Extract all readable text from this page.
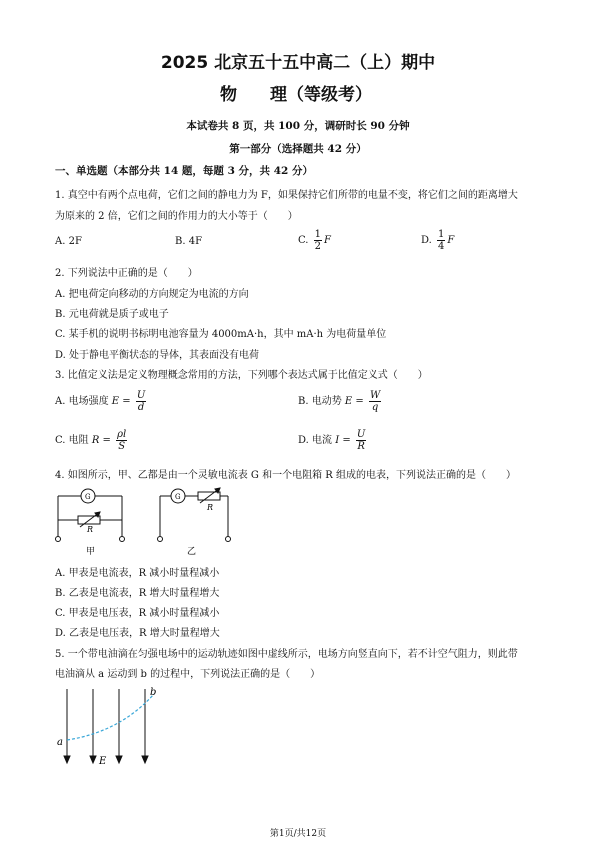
2025 北京五十五中高二（上）期中
物 理（等级考）
本试卷共 8 页，共 100 分，调研时长 90 分钟
第一部分（选择题共 42 分）
一、单选题（本部分共 14 题，每题 3 分，共 42 分）
1. 真空中有两个点电荷，它们之间的静电力为 F，如果保持它们所带的电量不变，将它们之间的距离增大
为原来的 2 倍，它们之间的作用力的大小等于（　　）
A. 2F	B. 4F	C. $\frac{1}{2}$ F	D. $\frac{1}{4}$ F
2. 下列说法中正确的是（　　）
A. 把电荷定向移动的方向规定为电流的方向
B. 元电荷就是质子或电子
C. 某手机的说明书标明电池容量为 4000mA·h，其中 mA·h 为电荷量单位
D. 处于静电平衡状态的导体，其表面没有电荷
3. 比值定义法是定义物理概念常用的方法，下列哪个表达式属于比值定义式（　　）
A. 电场强度 $E = \frac{U}{d}$	B. 电动势 $E = \frac{W}{q}$
C. 电阻 $R = \frac{\rho l}{S}$	D. 电流 $I = \frac{U}{R}$
4. 如图所示，甲、乙都是由一个灵敏电流表 G 和一个电阻箱 R 组成的电表，下列说法正确的是（　　）
R
G
甲
G
R
乙
A. 甲表是电流表，R 减小时量程减小
B. 乙表是电流表，R 增大时量程增大
C. 甲表是电压表，R 减小时量程减小
D. 乙表是电压表，R 增大时量程增大
5. 一个带电油滴在匀强电场中的运动轨迹如图中虚线所示，电场方向竖直向下，若不计空气阻力，则此带
电油滴从 a 运动到 b 的过程中，下列说法正确的是（　　）
a
b
E
第1页/共12页
